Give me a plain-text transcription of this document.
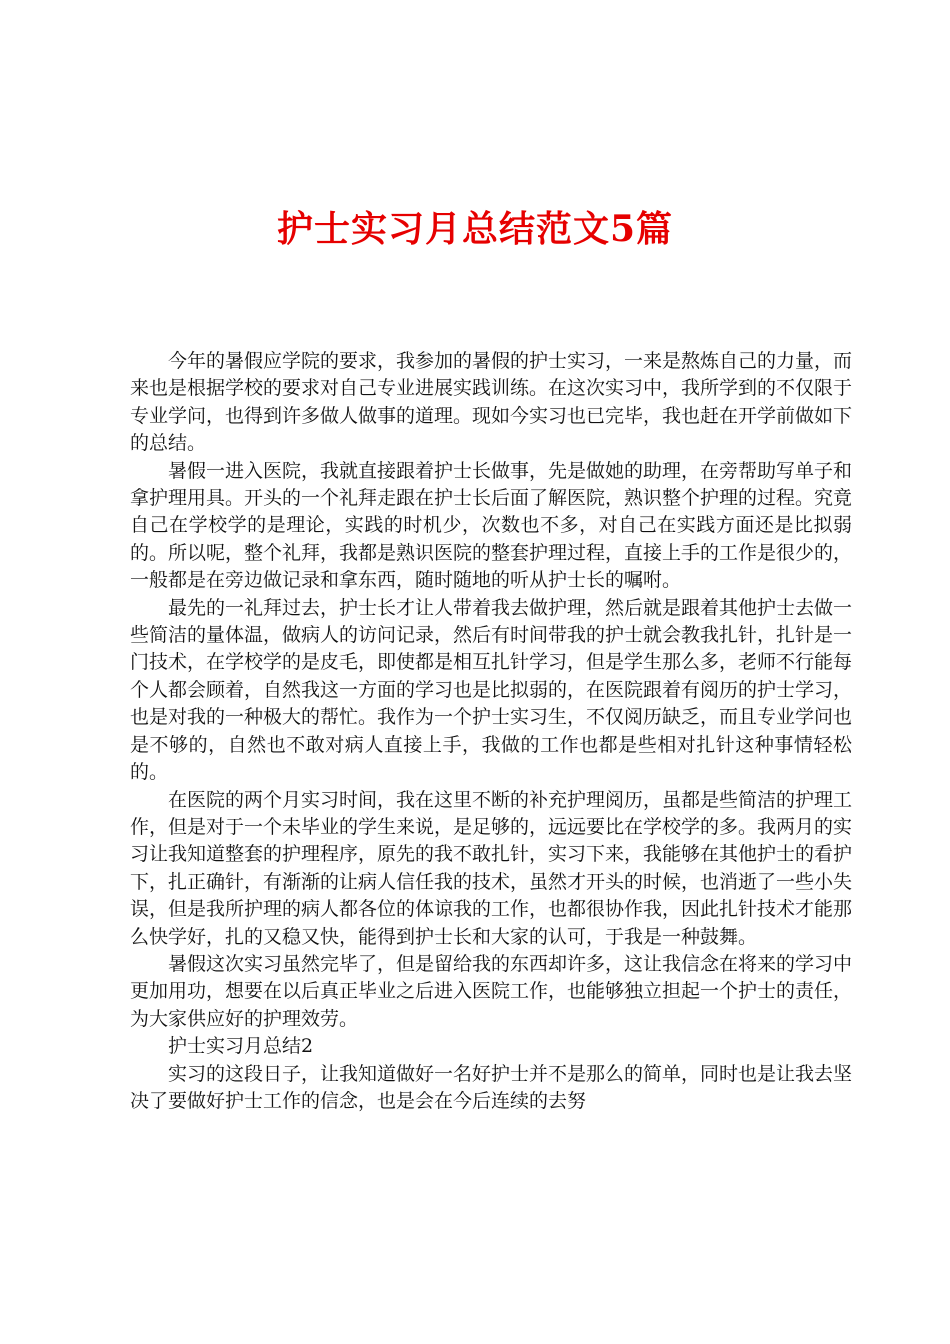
护士实习月总结范文5篇

今年的暑假应学院的要求，我参加的暑假的护士实习，一来是熬炼自己的力量，而来也是根据学校的要求对自己专业进展实践训练。在这次实习中，我所学到的不仅限于专业学问，也得到许多做人做事的道理。现如今实习也已完毕，我也赶在开学前做如下的总结。

暑假一进入医院，我就直接跟着护士长做事，先是做她的助理，在旁帮助写单子和拿护理用具。开头的一个礼拜走跟在护士长后面了解医院，熟识整个护理的过程。究竟自己在学校学的是理论，实践的时机少，次数也不多，对自己在实践方面还是比拟弱的。所以呢，整个礼拜，我都是熟识医院的整套护理过程，直接上手的工作是很少的，一般都是在旁边做记录和拿东西，随时随地的听从护士长的嘱咐。

最先的一礼拜过去，护士长才让人带着我去做护理，然后就是跟着其他护士去做一些简洁的量体温，做病人的访问记录，然后有时间带我的护士就会教我扎针，扎针是一门技术，在学校学的是皮毛，即使都是相互扎针学习，但是学生那么多，老师不行能每个人都会顾着，自然我这一方面的学习也是比拟弱的，在医院跟着有阅历的护士学习，也是对我的一种极大的帮忙。我作为一个护士实习生，不仅阅历缺乏，而且专业学问也是不够的，自然也不敢对病人直接上手，我做的工作也都是些相对扎针这种事情轻松的。

在医院的两个月实习时间，我在这里不断的补充护理阅历，虽都是些简洁的护理工作，但是对于一个未毕业的学生来说，是足够的，远远要比在学校学的多。我两月的实习让我知道整套的护理程序，原先的我不敢扎针，实习下来，我能够在其他护士的看护下，扎正确针，有渐渐的让病人信任我的技术，虽然才开头的时候，也消逝了一些小失误，但是我所护理的病人都各位的体谅我的工作，也都很协作我，因此扎针技术才能那么快学好，扎的又稳又快，能得到护士长和大家的认可，于我是一种鼓舞。

暑假这次实习虽然完毕了，但是留给我的东西却许多，这让我信念在将来的学习中更加用功，想要在以后真正毕业之后进入医院工作，也能够独立担起一个护士的责任，为大家供应好的护理效劳。

护士实习月总结2

实习的这段日子，让我知道做好一名好护士并不是那么的简单，同时也是让我去坚决了要做好护士工作的信念，也是会在今后连续的去努
